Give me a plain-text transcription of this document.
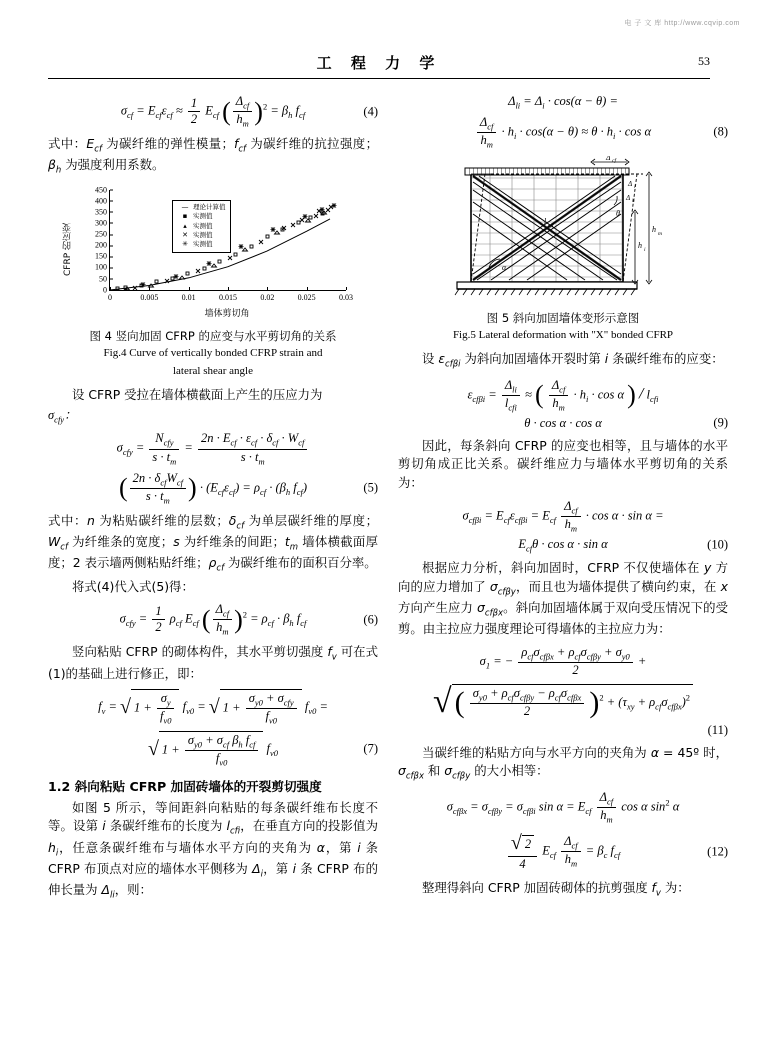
电 子 文 库 http://www.cqvip.com
工 程 力 学	53
$\sigma_{cf} = E_{cf}\varepsilon_{cf} \approx \frac{1}{2} E_{cf}$ ( $\frac{\Delta_{cf}}{h_m} )^2 = \beta_h$ $f_{cf}$	(4)

式中：$E_{cf}$ 为碳纤维的弹性模量；$f_{cf}$ 为碳纤维的抗拉强度；$\beta_h$ 为强度利用系数。

CFRP 的应变
0
50
100
150
200
250
300
350
400
450
0	0.005	0.01	0.015	0.02	0.025	0.03
— 理论计算值
▪ 实测值
▴ 实测值
✕ 实测值
✳ 实测值
墙体剪切角
图 4 竖向加固 CFRP 的应变与水平剪切角的关系
Fig.4 Curve of vertically bonded CFRP strain and
lateral shear angle

设 CFRP 受拉在墙体横截面上产生的压应力为

$\sigma_{cfy}$：

$\sigma_{cfy} = \frac{N_{cfy}}{s \cdot t_m} = \frac{2n \cdot E_{cf} \cdot \varepsilon_{cf} \cdot \delta_{cf} \cdot W_{cf}}{s \cdot t_m}$
( $\frac{2n \cdot \delta_{cf}W_{cf}}{s \cdot t_m}$ ) · $(E_{cf}\varepsilon_{cf}) = \rho_{cf} \cdot (\beta_h$ $f_{cf}$)	(5)

式中：n 为粘贴碳纤维的层数；$\delta_{cf}$ 为单层碳纤维的厚度；$W_{cf}$ 为纤维条的宽度；s 为纤维条的间距；$t_m$ 墙体横截面厚度；2 表示墙两侧粘贴纤维；$\rho_{cf}$ 为碳纤维布的面积百分率。

将式(4)代入式(5)得：

$\sigma_{cfy} = \frac{1}{2} \rho_{cf}$ $E_{cf}$ ( $\frac{\Delta_{cf}}{h_m} )^2 = \rho_{cf} \cdot \beta_h$ $f_{cf}$	(6)

竖向粘贴 CFRP 的砌体构件，其水平剪切强度 $f_v$ 可在式(1)的基础上进行修正，即：

$f_v$ = √ $1 + \frac{\sigma_y}{f_{v0}} f_{v0}$ = √ $1 + \frac{\sigma_{y0} + \sigma_{cfy}}{f_{v0}} f_{v0}$ =
√ $1 + \frac{\sigma_{y0} + \sigma_{cf} \beta_h f_{cf}}{f_{v0}} f_{v0}$	(7)
1.2 斜向粘贴 CFRP 加固砖墙体的开裂剪切强度

如图 5 所示，等间距斜向粘贴的每条碳纤维布长度不等。设第 i 条碳纤维布的长度为 $l_{cfi}$，在垂直方向的投影值为 $h_i$，任意条碳纤维布与墙体水平方向的夹角为 α，第 i 条 CFRP 布顶点对应的墙体水平侧移为 $\Delta_i$，第 i 条 CFRP 布的伸长量为 $\Delta_{li}$，则：

$\Delta_{li} = \Delta_i \cdot \cos(\alpha - \theta)$ =
$\frac{\Delta_{cf}}{h_m} \cdot h_i \cdot \cos(\alpha - \theta) \approx \theta \cdot h_i \cdot \cos \alpha$	(8)
Δ cf
h m
h i
l cfi
α
θ
Δ li
Δ i
图 5 斜向加固墙体变形示意图
Fig.5 Lateral deformation with "X" bonded CFRP

设 $\varepsilon_{cf\beta i}$ 为斜向加固墙体开裂时第 i 条碳纤维布的应变：

$\varepsilon_{cf\beta i} = \frac{\Delta_{li}}{l_{cfi}}$ ≈ ( $\frac{\Delta_{cf}}{h_m} \cdot h_i \cdot \cos \alpha$ ) / $l_{cfi}$
θ · cos α · cos α	(9)

因此，每条斜向 CFRP 的应变也相等，且与墙体的水平剪切角成正比关系。碳纤维应力与墙体水平剪切角的关系为：

$\sigma_{cf\beta i} = E_{cf}\varepsilon_{cf\beta i} = E_{cf} \frac{\Delta_{cf}}{h_m} \cdot \cos \alpha \cdot \sin \alpha$ =
$E_{cf}\theta \cdot \cos \alpha \cdot \sin \alpha$	(10)

根据应力分析，斜向加固时，CFRP 不仅使墙体在 y 方向的应力增加了 $\sigma_{cf\beta y}$，而且也为墙体提供了横向约束，在 x 方向产生应力 $\sigma_{cf\beta x}$。斜向加固墙体属于双向受压情况下的受剪。由主拉应力强度理论可得墙体的主拉应力为：

$\sigma_1$ = − $\frac{\rho_{cf}\sigma_{cf\beta x} + \rho_{cf}\sigma_{cf\beta y} + \sigma_{y0}}{2}$ +
√ ( $\frac{\sigma_{y0} + \rho_{cf}\sigma_{cf\beta y} - \rho_{cf}\sigma_{cf\beta x}}{2} )^2 + (\tau_{xy} + \rho_{cf}\sigma_{cf\beta x})^2$
(11)

当碳纤维的粘贴方向与水平方向的夹角为 α = 45º 时，$\sigma_{cf\beta x}$ 和 $\sigma_{cf\beta y}$ 的大小相等：

$\sigma_{cf\beta x} = \sigma_{cf\beta y} = \sigma_{cf\beta i}$ $\sin \alpha = E_{cf} \frac{\Delta_{cf}}{h_m}$ cos α $\sin^2 \alpha$
$\frac{√ 2}{4} E_{cf} \frac{\Delta_{cf}}{h_m} = \beta_c$ $f_{cf}$	(12)

整理得斜向 CFRP 加固砖砌体的抗剪强度 $f_v$ 为：
